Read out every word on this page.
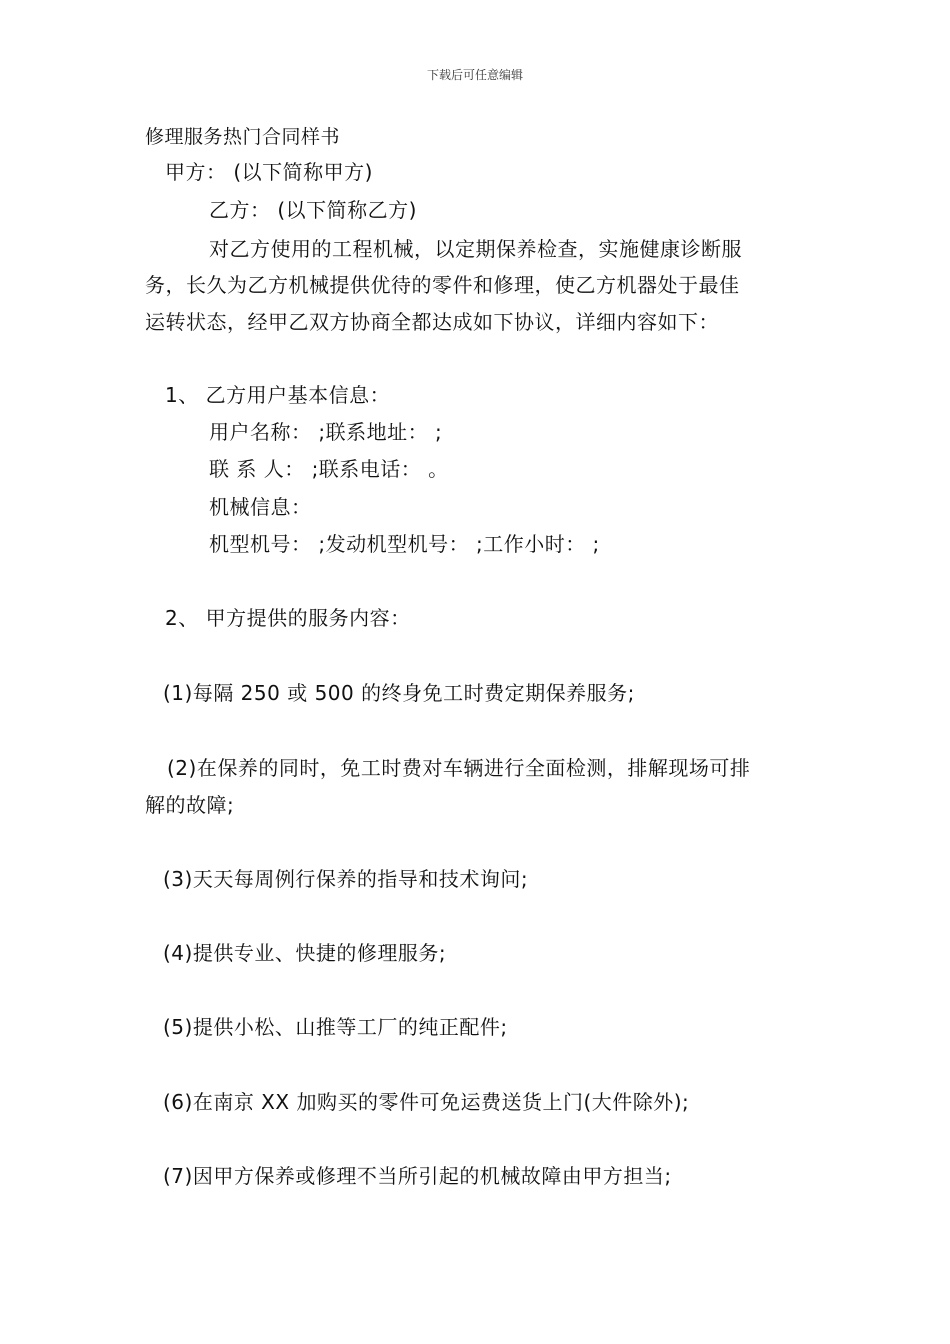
下载后可任意编辑
修理服务热门合同样书
甲方： (以下简称甲方)
乙方： (以下简称乙方)
对乙方使用的工程机械，以定期保养检查，实施健康诊断服
务，长久为乙方机械提供优待的零件和修理，使乙方机器处于最佳
运转状态，经甲乙双方协商全都达成如下协议，详细内容如下：
1、 乙方用户基本信息：
用户名称： ;联系地址： ;
联 系 人： ;联系电话： 。
机械信息：
机型机号： ;发动机型机号： ;工作小时： ;
2、 甲方提供的服务内容：
(1)每隔 250 或 500 的终身免工时费定期保养服务;
(2)在保养的同时，免工时费对车辆进行全面检测，排解现场可排
解的故障;
(3)天天每周例行保养的指导和技术询问;
(4)提供专业、快捷的修理服务;
(5)提供小松、山推等工厂的纯正配件;
(6)在南京 XX 加购买的零件可免运费送货上门(大件除外);
(7)因甲方保养或修理不当所引起的机械故障由甲方担当;
